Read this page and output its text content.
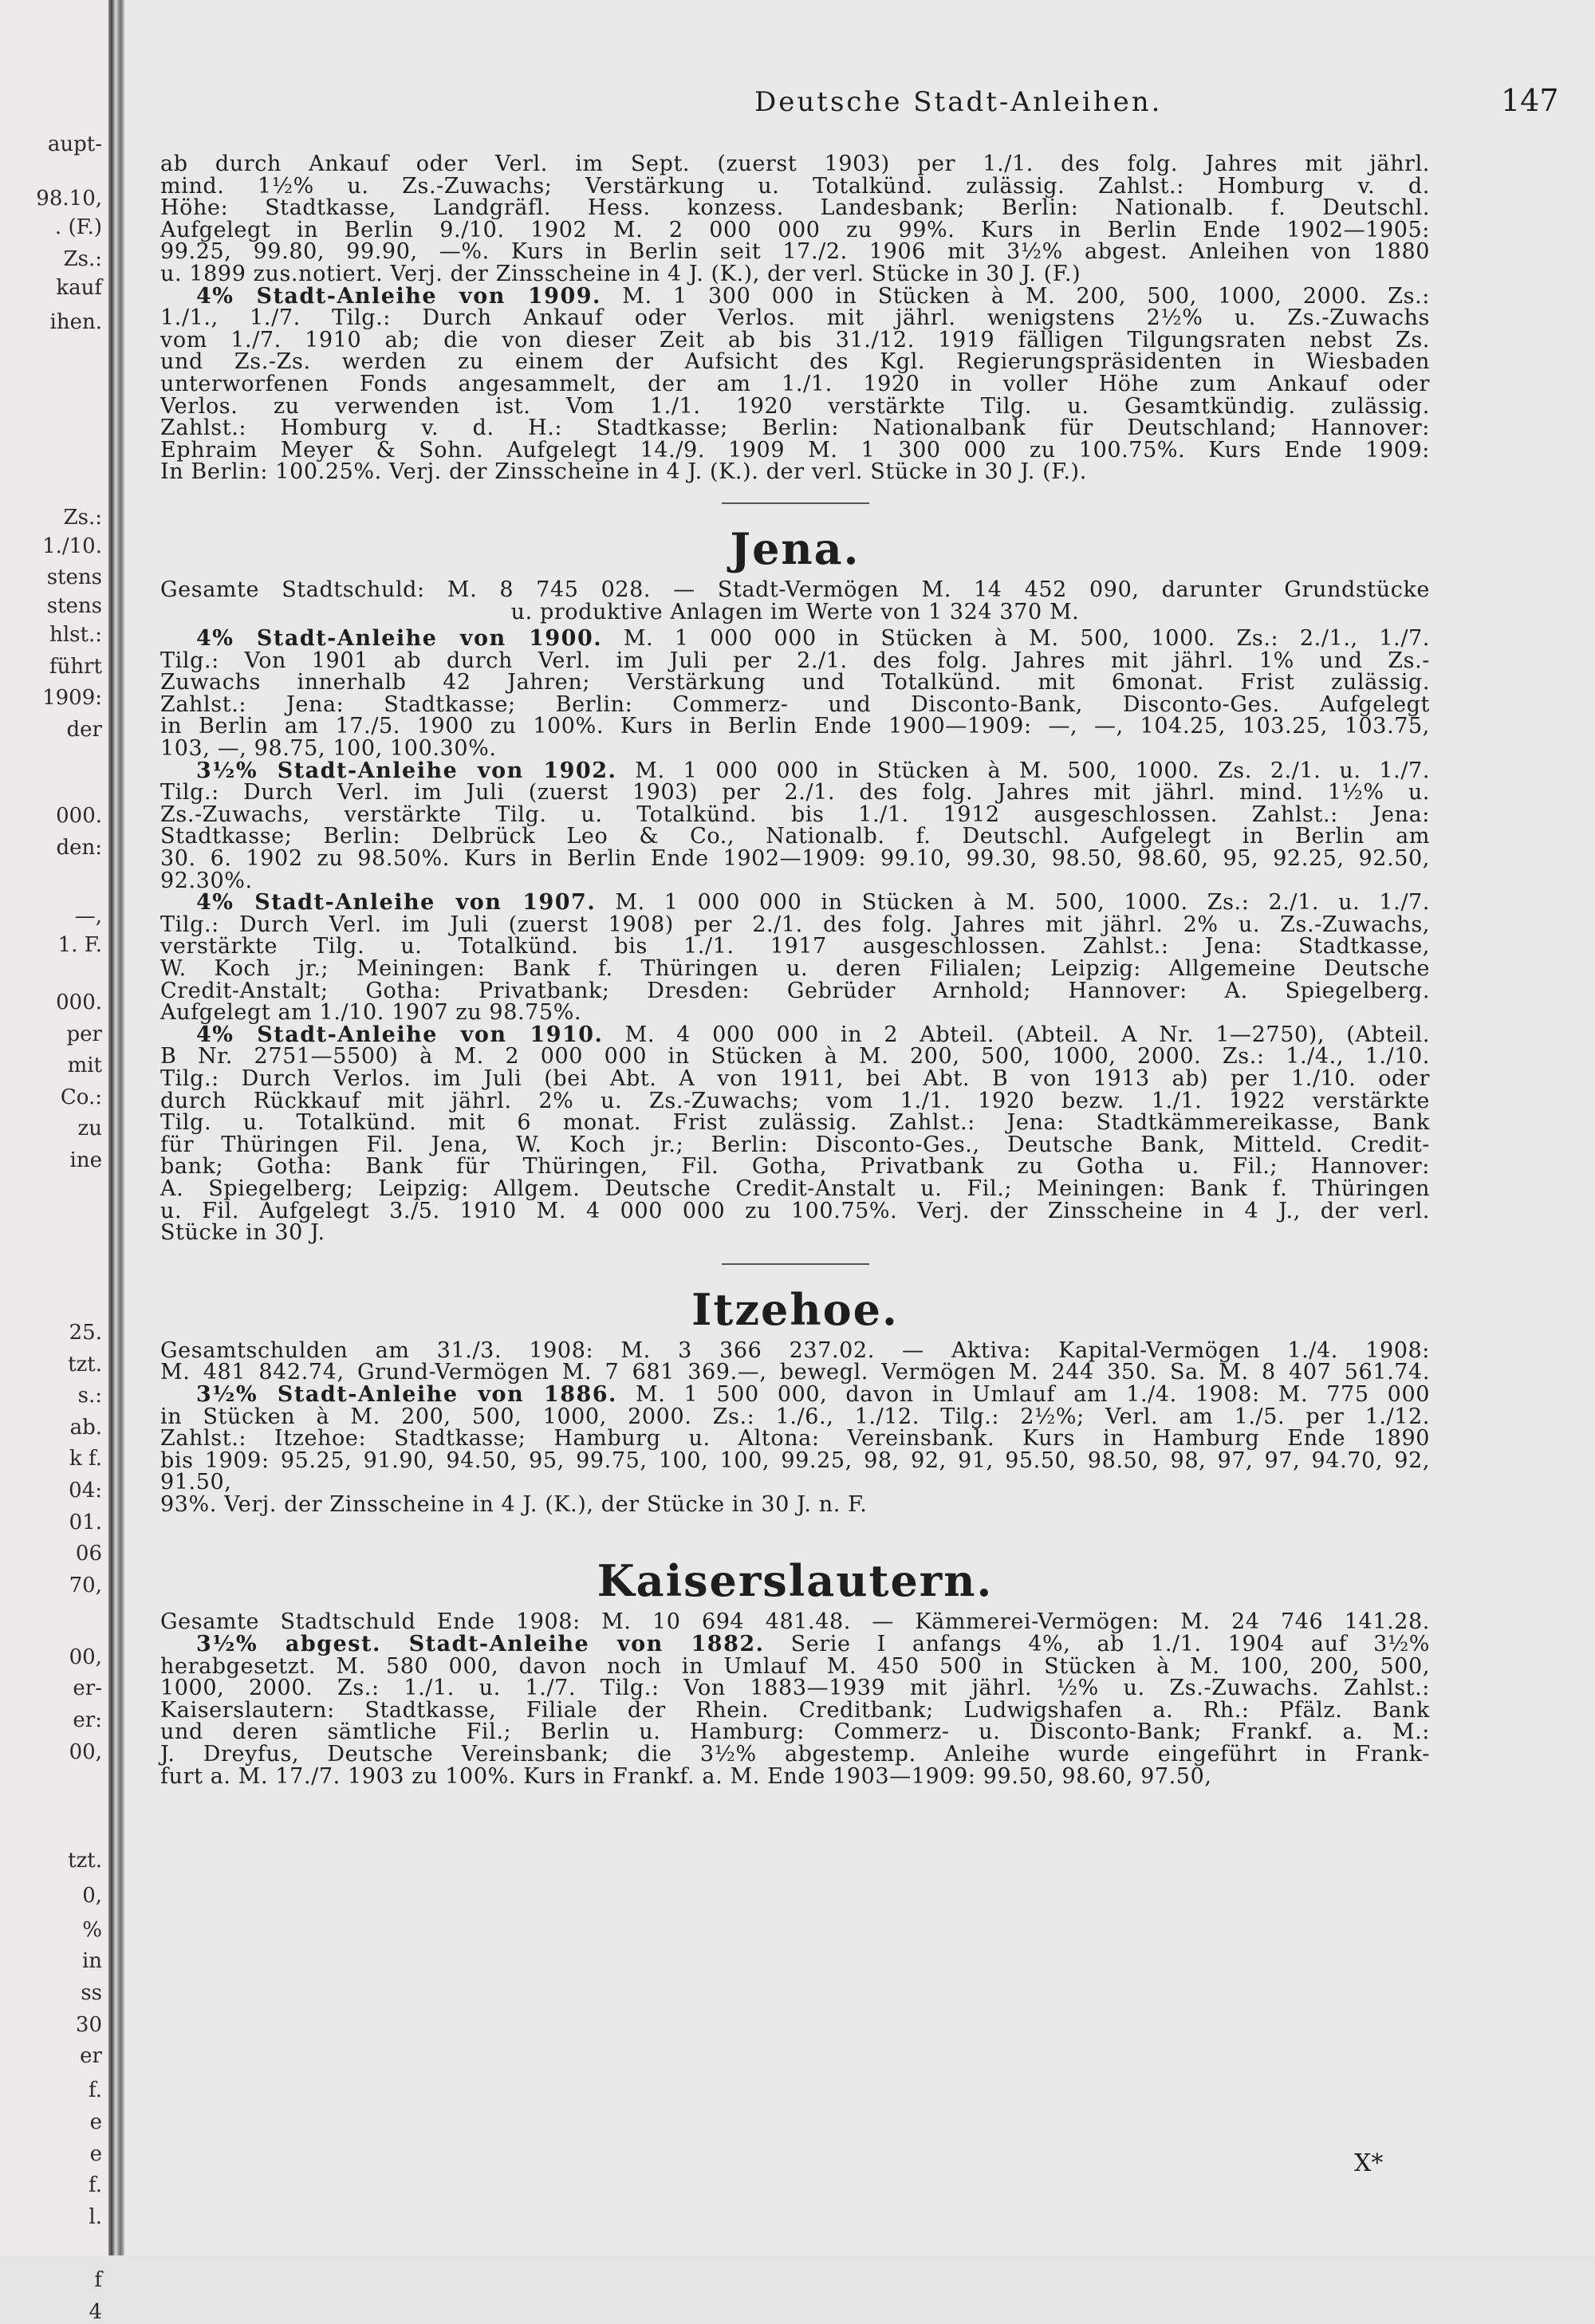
aupt-
98.10,
. (F.)
Zs.:
kauf
ihen.
Zs.:
1./10.
stens
stens
hlst.:
führt
1909:
der
000.
den:
—,
1. F.
000.
per
mit
Co.:
zu
ine
25.
tzt.
s.:
ab.
k f.
04:
01.
06
70,
00,
er-
er:
00,
tzt.
0,
%
in
ss
30
er
f.
e
e
f.
l.
f
4
Deutsche Stadt-Anleihen.	147
X*

ab durch Ankauf oder Verl. im Sept. (zuerst 1903) per 1./1. des folg. Jahres mit jährl.

mind. 1½% u. Zs.-Zuwachs; Verstärkung u. Totalkünd. zulässig. Zahlst.: Homburg v. d.

Höhe: Stadtkasse, Landgräfl. Hess. konzess. Landesbank; Berlin: Nationalb. f. Deutschl.

Aufgelegt in Berlin 9./10. 1902 M. 2 000 000 zu 99%. Kurs in Berlin Ende 1902—1905:

99.25, 99.80, 99.90, —%. Kurs in Berlin seit 17./2. 1906 mit 3½% abgest. Anleihen von 1880

u. 1899 zus.notiert. Verj. der Zinsscheine in 4 J. (K.), der verl. Stücke in 30 J. (F.)

4% Stadt-Anleihe von 1909. M. 1 300 000 in Stücken à M. 200, 500, 1000, 2000. Zs.:

1./1., 1./7. Tilg.: Durch Ankauf oder Verlos. mit jährl. wenigstens 2½% u. Zs.-Zuwachs

vom 1./7. 1910 ab; die von dieser Zeit ab bis 31./12. 1919 fälligen Tilgungsraten nebst Zs.

und Zs.-Zs. werden zu einem der Aufsicht des Kgl. Regierungspräsidenten in Wiesbaden

unterworfenen Fonds angesammelt, der am 1./1. 1920 in voller Höhe zum Ankauf oder

Verlos. zu verwenden ist. Vom 1./1. 1920 verstärkte Tilg. u. Gesamtkündig. zulässig.

Zahlst.: Homburg v. d. H.: Stadtkasse; Berlin: Nationalbank für Deutschland; Hannover:

Ephraim Meyer & Sohn. Aufgelegt 14./9. 1909 M. 1 300 000 zu 100.75%. Kurs Ende 1909:

In Berlin: 100.25%. Verj. der Zinsscheine in 4 J. (K.). der verl. Stücke in 30 J. (F.).

Jena.

Gesamte Stadtschuld: M. 8 745 028. — Stadt-Vermögen M. 14 452 090, darunter Grundstücke

u. produktive Anlagen im Werte von 1 324 370 M.

4% Stadt-Anleihe von 1900. M. 1 000 000 in Stücken à M. 500, 1000. Zs.: 2./1., 1./7.

Tilg.: Von 1901 ab durch Verl. im Juli per 2./1. des folg. Jahres mit jährl. 1% und Zs.-

Zuwachs innerhalb 42 Jahren; Verstärkung und Totalkünd. mit 6monat. Frist zulässig.

Zahlst.: Jena: Stadtkasse; Berlin: Commerz- und Disconto-Bank, Disconto-Ges. Aufgelegt

in Berlin am 17./5. 1900 zu 100%. Kurs in Berlin Ende 1900—1909: —, —, 104.25, 103.25, 103.75,

103, —, 98.75, 100, 100.30%.

3½% Stadt-Anleihe von 1902. M. 1 000 000 in Stücken à M. 500, 1000. Zs. 2./1. u. 1./7.

Tilg.: Durch Verl. im Juli (zuerst 1903) per 2./1. des folg. Jahres mit jährl. mind. 1½% u.

Zs.-Zuwachs, verstärkte Tilg. u. Totalkünd. bis 1./1. 1912 ausgeschlossen. Zahlst.: Jena:

Stadtkasse; Berlin: Delbrück Leo & Co., Nationalb. f. Deutschl. Aufgelegt in Berlin am

30. 6. 1902 zu 98.50%. Kurs in Berlin Ende 1902—1909: 99.10, 99.30, 98.50, 98.60, 95, 92.25, 92.50,

92.30%.

4% Stadt-Anleihe von 1907. M. 1 000 000 in Stücken à M. 500, 1000. Zs.: 2./1. u. 1./7.

Tilg.: Durch Verl. im Juli (zuerst 1908) per 2./1. des folg. Jahres mit jährl. 2% u. Zs.-Zuwachs,

verstärkte Tilg. u. Totalkünd. bis 1./1. 1917 ausgeschlossen. Zahlst.: Jena: Stadtkasse,

W. Koch jr.; Meiningen: Bank f. Thüringen u. deren Filialen; Leipzig: Allgemeine Deutsche

Credit-Anstalt; Gotha: Privatbank; Dresden: Gebrüder Arnhold; Hannover: A. Spiegelberg.

Aufgelegt am 1./10. 1907 zu 98.75%.

4% Stadt-Anleihe von 1910. M. 4 000 000 in 2 Abteil. (Abteil. A Nr. 1—2750), (Abteil.

B Nr. 2751—5500) à M. 2 000 000 in Stücken à M. 200, 500, 1000, 2000. Zs.: 1./4., 1./10.

Tilg.: Durch Verlos. im Juli (bei Abt. A von 1911, bei Abt. B von 1913 ab) per 1./10. oder

durch Rückkauf mit jährl. 2% u. Zs.-Zuwachs; vom 1./1. 1920 bezw. 1./1. 1922 verstärkte

Tilg. u. Totalkünd. mit 6 monat. Frist zulässig. Zahlst.: Jena: Stadtkämmereikasse, Bank

für Thüringen Fil. Jena, W. Koch jr.; Berlin: Disconto-Ges., Deutsche Bank, Mitteld. Credit-

bank; Gotha: Bank für Thüringen, Fil. Gotha, Privatbank zu Gotha u. Fil.; Hannover:

A. Spiegelberg; Leipzig: Allgem. Deutsche Credit-Anstalt u. Fil.; Meiningen: Bank f. Thüringen

u. Fil. Aufgelegt 3./5. 1910 M. 4 000 000 zu 100.75%. Verj. der Zinsscheine in 4 J., der verl.

Stücke in 30 J.

Itzehoe.

Gesamtschulden am 31./3. 1908: M. 3 366 237.02. — Aktiva: Kapital-Vermögen 1./4. 1908:

M. 481 842.74, Grund-Vermögen M. 7 681 369.—, bewegl. Vermögen M. 244 350. Sa. M. 8 407 561.74.

3½% Stadt-Anleihe von 1886. M. 1 500 000, davon in Umlauf am 1./4. 1908: M. 775 000

in Stücken à M. 200, 500, 1000, 2000. Zs.: 1./6., 1./12. Tilg.: 2½%; Verl. am 1./5. per 1./12.

Zahlst.: Itzehoe: Stadtkasse; Hamburg u. Altona: Vereinsbank. Kurs in Hamburg Ende 1890

bis 1909: 95.25, 91.90, 94.50, 95, 99.75, 100, 100, 99.25, 98, 92, 91, 95.50, 98.50, 98, 97, 97, 94.70, 92, 91.50,

93%. Verj. der Zinsscheine in 4 J. (K.), der Stücke in 30 J. n. F.

Kaiserslautern.

Gesamte Stadtschuld Ende 1908: M. 10 694 481.48. — Kämmerei-Vermögen: M. 24 746 141.28.

3½% abgest. Stadt-Anleihe von 1882. Serie I anfangs 4%, ab 1./1. 1904 auf 3½%

herabgesetzt. M. 580 000, davon noch in Umlauf M. 450 500 in Stücken à M. 100, 200, 500,

1000, 2000. Zs.: 1./1. u. 1./7. Tilg.: Von 1883—1939 mit jährl. ½% u. Zs.-Zuwachs. Zahlst.:

Kaiserslautern: Stadtkasse, Filiale der Rhein. Creditbank; Ludwigshafen a. Rh.: Pfälz. Bank

und deren sämtliche Fil.; Berlin u. Hamburg: Commerz- u. Disconto-Bank; Frankf. a. M.:

J. Dreyfus, Deutsche Vereinsbank; die 3½% abgestemp. Anleihe wurde eingeführt in Frank-

furt a. M. 17./7. 1903 zu 100%. Kurs in Frankf. a. M. Ende 1903—1909: 99.50, 98.60, 97.50,
